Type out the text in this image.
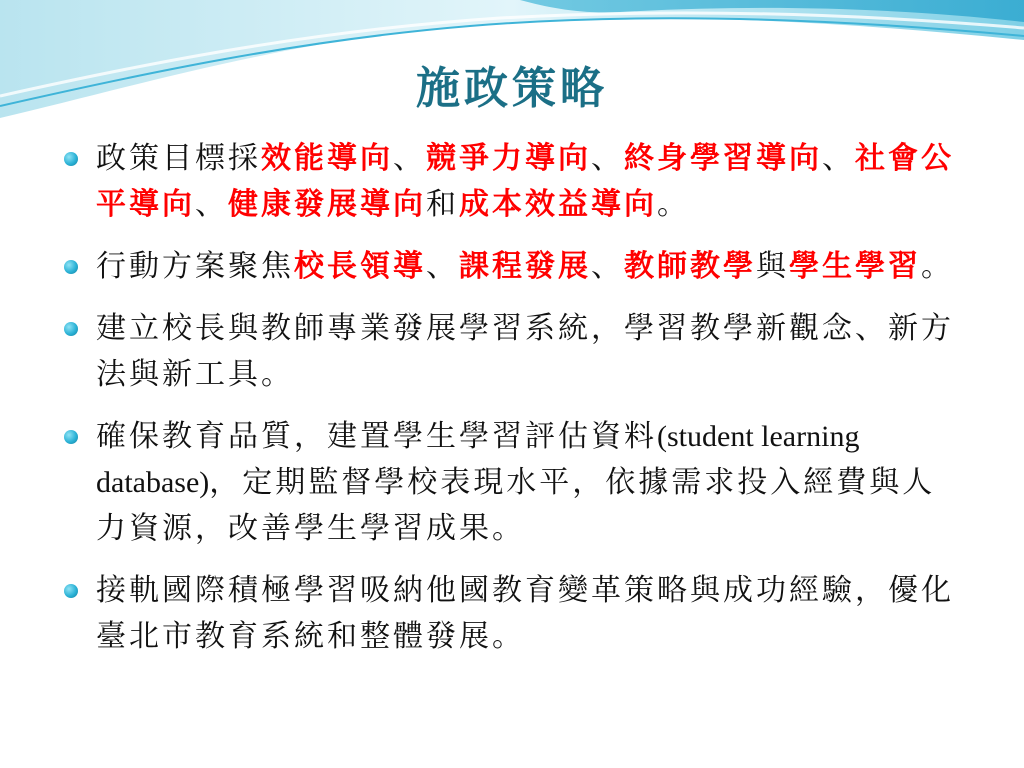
施政策略
政策目標採效能導向、競爭力導向、終身學習導向、社會公平導向、健康發展導向和成本效益導向。
行動方案聚焦校長領導、課程發展、教師教學與學生學習。
建立校長與教師專業發展學習系統，學習教學新觀念、新方法與新工具。
確保教育品質，建置學生學習評估資料(student learning database)，定期監督學校表現水平，依據需求投入經費與人力資源，改善學生學習成果。
接軌國際積極學習吸納他國教育變革策略與成功經驗，優化臺北市教育系統和整體發展。
